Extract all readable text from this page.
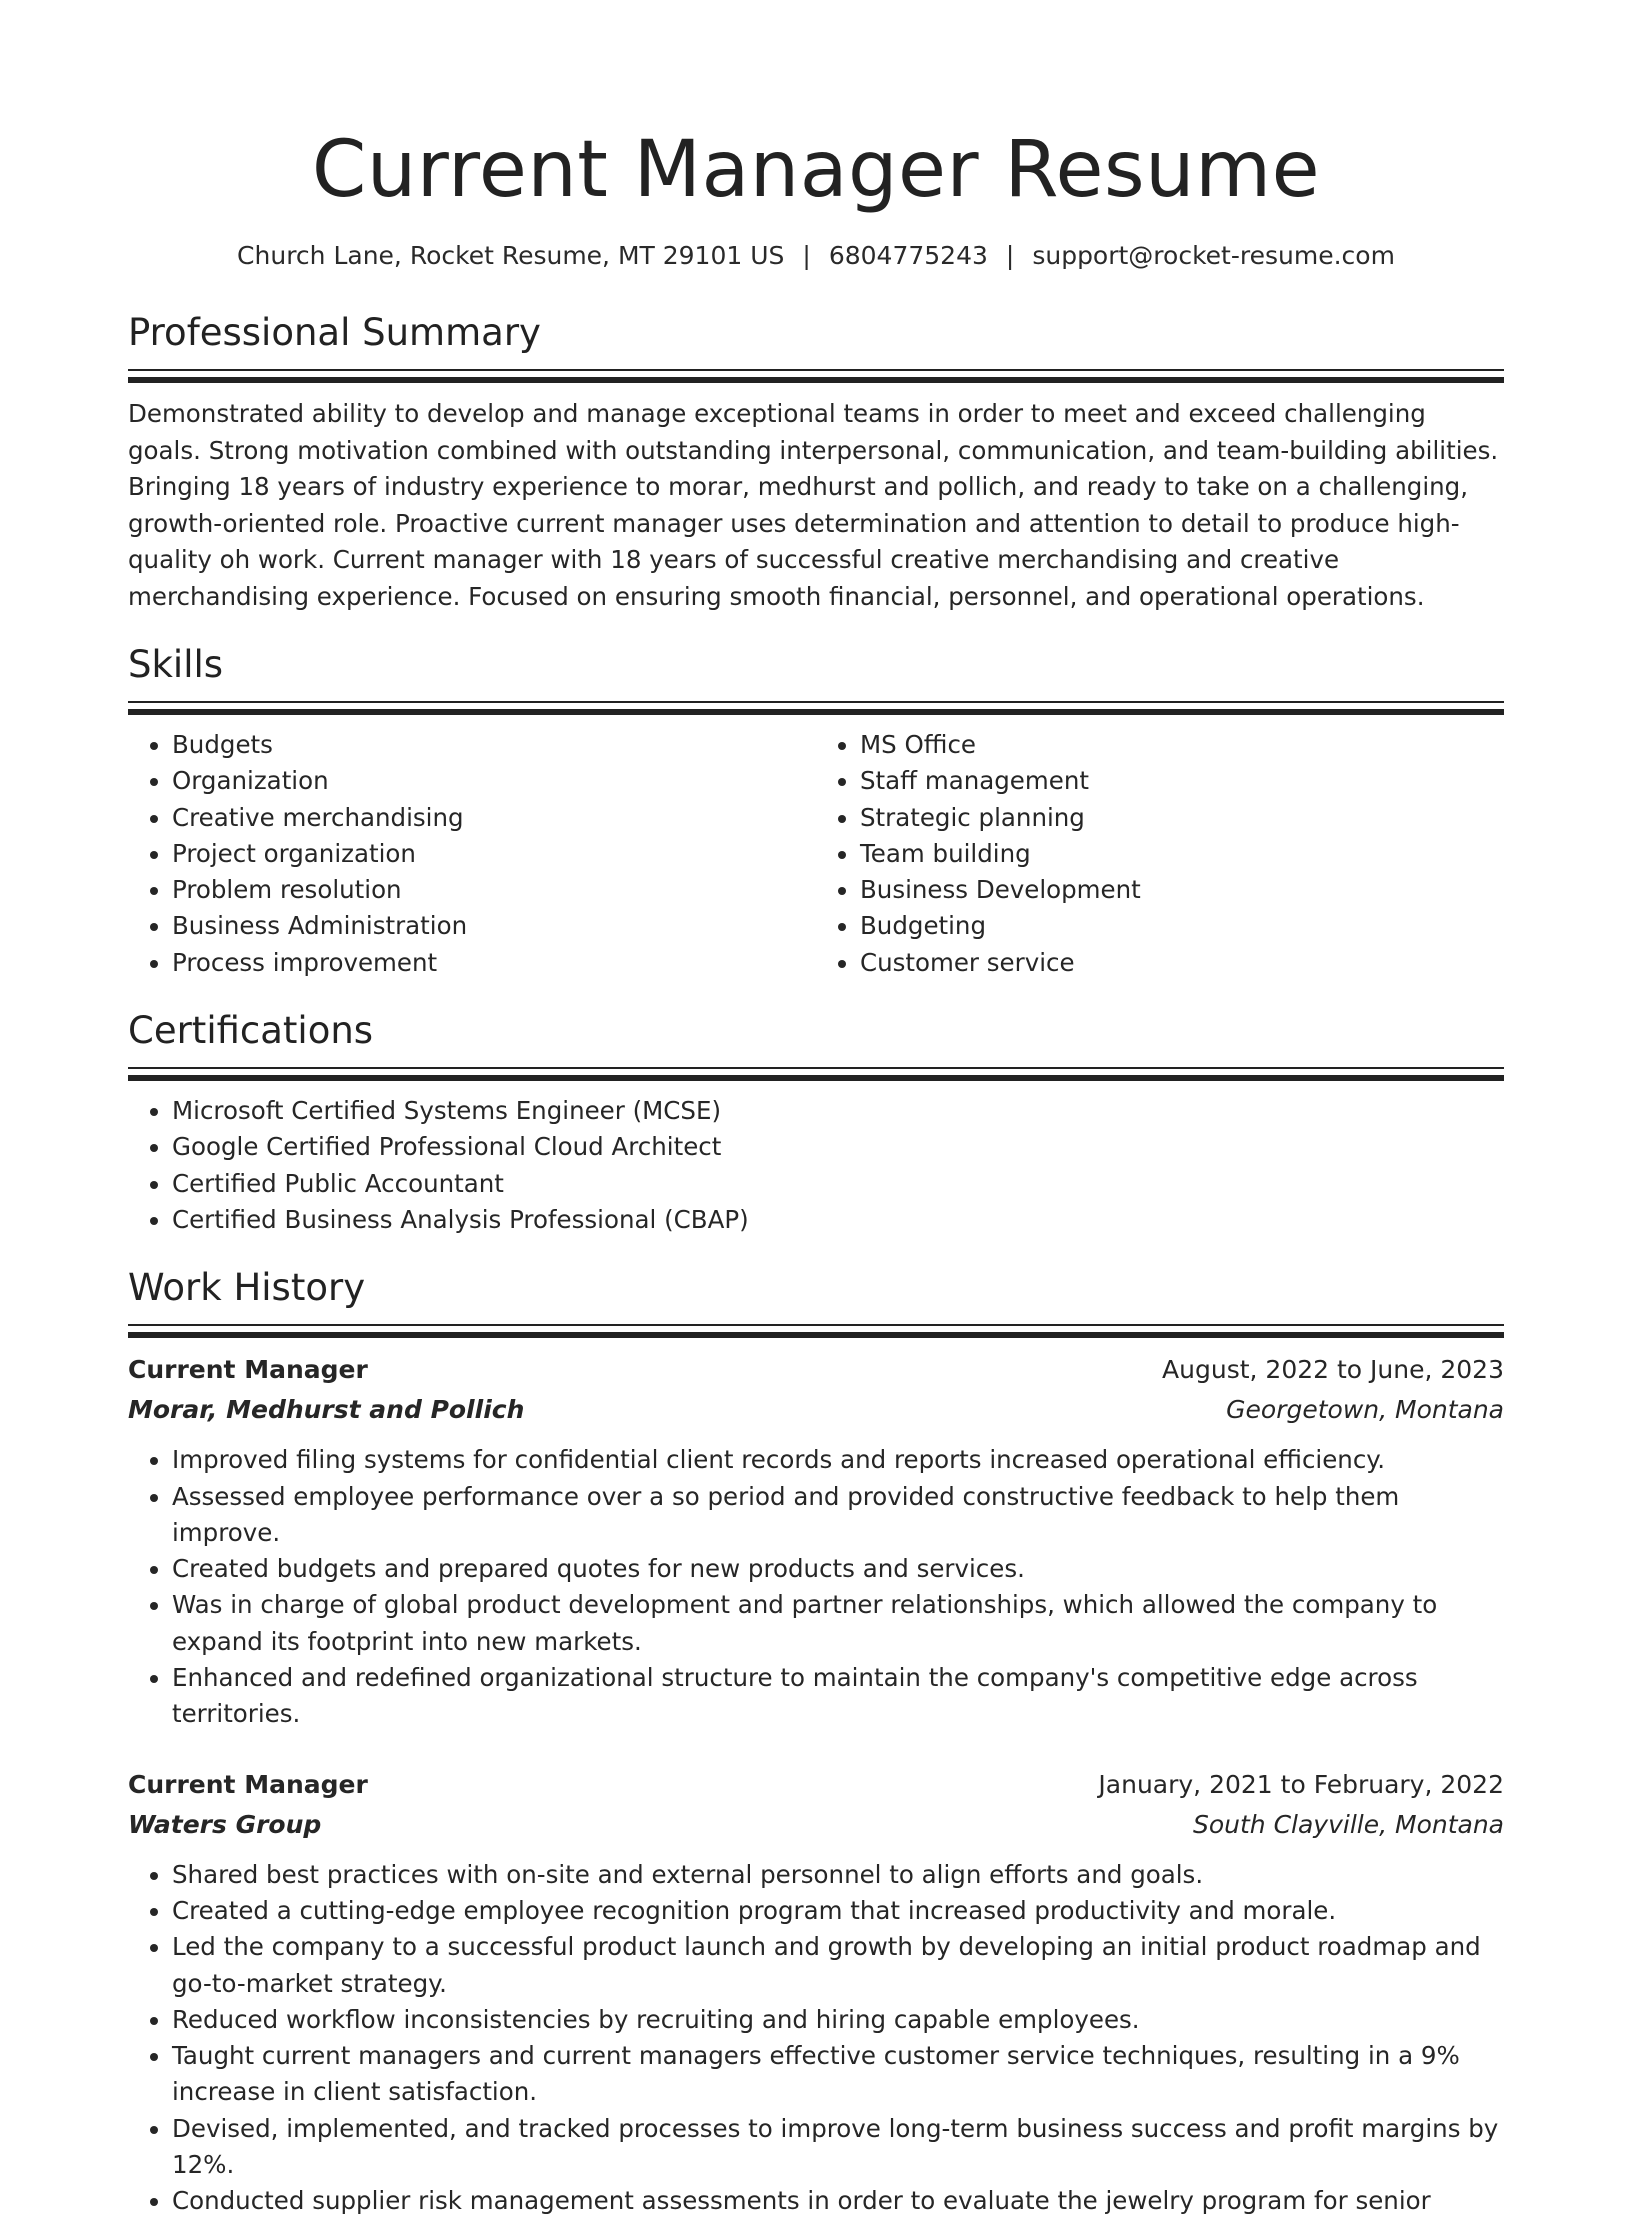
Current Manager Resume
Church Lane, Rocket Resume, MT 29101 US | 6804775243 | support@rocket-resume.com
Professional Summary

Demonstrated ability to develop and manage exceptional teams in order to meet and exceed challenging goals. Strong motivation combined with outstanding interpersonal, communication, and team-building abilities. Bringing 18 years of industry experience to morar, medhurst and pollich, and ready to take on a challenging, growth-oriented role. Proactive current manager uses determination and attention to detail to produce high-quality oh work. Current manager with 18 years of successful creative merchandising and creative merchandising experience. Focused on ensuring smooth financial, personnel, and operational operations.

Skills
• Budgets
• Organization
• Creative merchandising
• Project organization
• Problem resolution
• Business Administration
• Process improvement
• MS Office
• Staff management
• Strategic planning
• Team building
• Business Development
• Budgeting
• Customer service
Certifications
• Microsoft Certified Systems Engineer (MCSE)
• Google Certified Professional Cloud Architect
• Certified Public Accountant
• Certified Business Analysis Professional (CBAP)
Work History
Current Manager	August, 2022 to June, 2023
Morar, Medhurst and Pollich	Georgetown, Montana
• Improved filing systems for confidential client records and reports increased operational efficiency.
• Assessed employee performance over a so period and provided constructive feedback to help them improve.
• Created budgets and prepared quotes for new products and services.
• Was in charge of global product development and partner relationships, which allowed the company to expand its footprint into new markets.
• Enhanced and redefined organizational structure to maintain the company's competitive edge across territories.
Current Manager	January, 2021 to February, 2022
Waters Group	South Clayville, Montana
• Shared best practices with on-site and external personnel to align efforts and goals.
• Created a cutting-edge employee recognition program that increased productivity and morale.
• Led the company to a successful product launch and growth by developing an initial product roadmap and go-to-market strategy.
• Reduced workflow inconsistencies by recruiting and hiring capable employees.
• Taught current managers and current managers effective customer service techniques, resulting in a 9% increase in client satisfaction.
• Devised, implemented, and tracked processes to improve long-term business success and profit margins by 12%.
• Conducted supplier risk management assessments in order to evaluate the jewelry program for senior
